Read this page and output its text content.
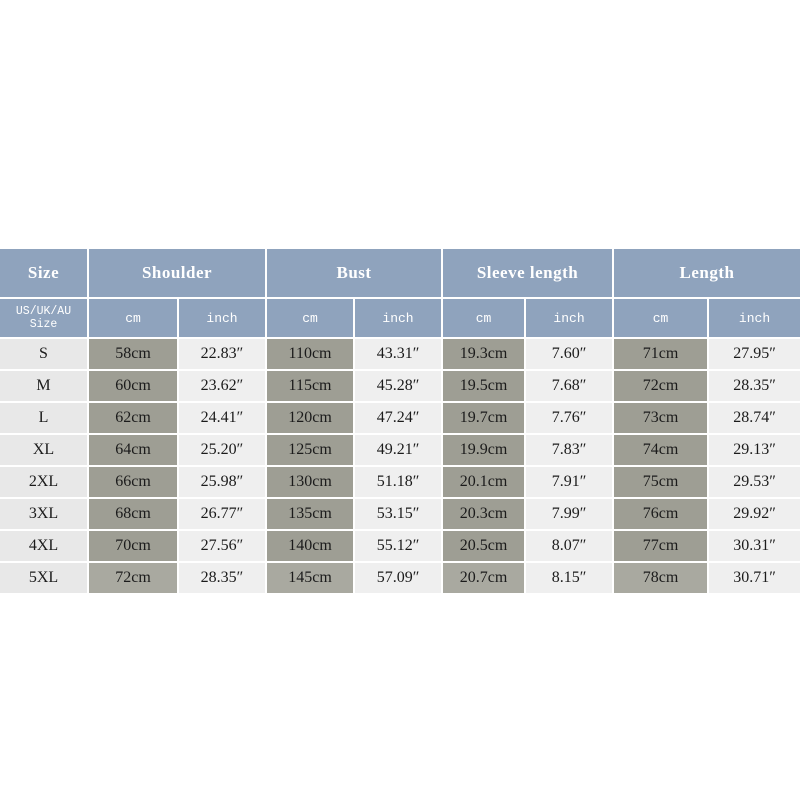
Size	Shoulder		Bust		Sleeve length		Length	

US/UK/AU
Size	cm	inch	cm	inch	cm	inch	cm	inch
S	58cm	22.83″	110cm	43.31″	19.3cm	7.60″	71cm	27.95″
M	60cm	23.62″	115cm	45.28″	19.5cm	7.68″	72cm	28.35″
L	62cm	24.41″	120cm	47.24″	19.7cm	7.76″	73cm	28.74″
XL	64cm	25.20″	125cm	49.21″	19.9cm	7.83″	74cm	29.13″
2XL	66cm	25.98″	130cm	51.18″	20.1cm	7.91″	75cm	29.53″
3XL	68cm	26.77″	135cm	53.15″	20.3cm	7.99″	76cm	29.92″
4XL	70cm	27.56″	140cm	55.12″	20.5cm	8.07″	77cm	30.31″
5XL	72cm	28.35″	145cm	57.09″	20.7cm	8.15″	78cm	30.71″
